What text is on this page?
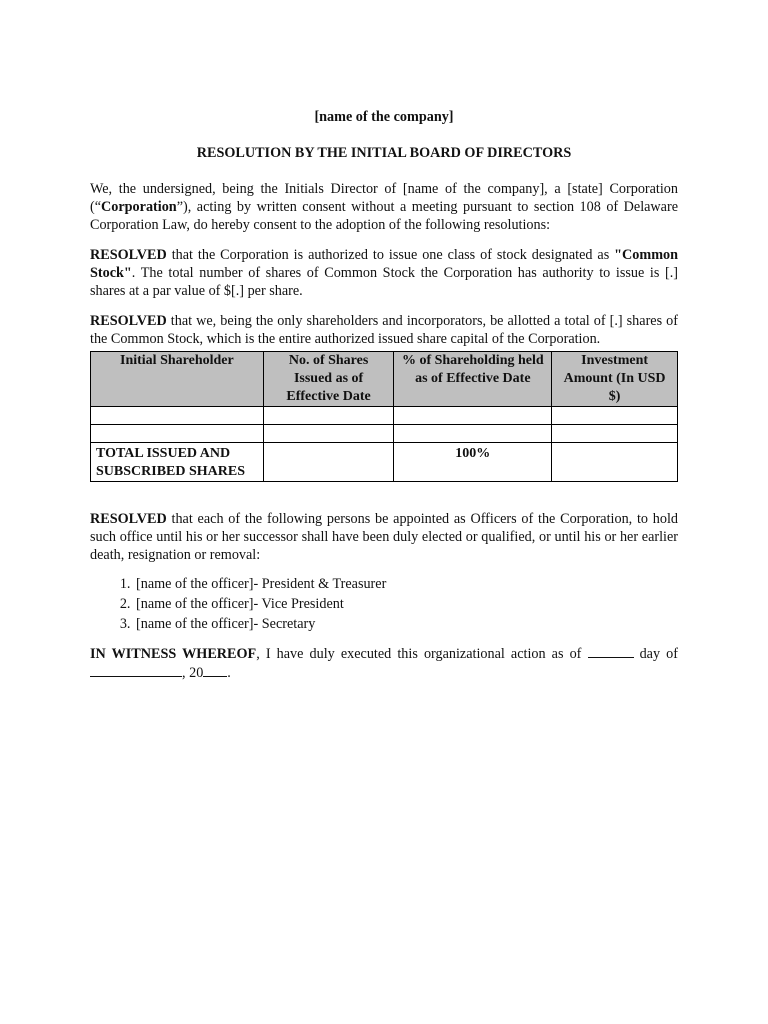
[name of the company]
RESOLUTION BY THE INITIAL BOARD OF DIRECTORS

We, the undersigned, being the Initials Director of [name of the company], a [state] Corporation (“Corporation”), acting by written consent without a meeting pursuant to section 108 of Delaware Corporation Law, do hereby consent to the adoption of the following resolutions:

RESOLVED that the Corporation is authorized to issue one class of stock designated as "Common Stock". The total number of shares of Common Stock the Corporation has authority to issue is [.] shares at a par value of $[.] per share.

RESOLVED that we, being the only shareholders and incorporators, be allotted a total of [.] shares of the Common Stock, which is the entire authorized issued share capital of the Corporation.

Initial Shareholder	No. of Shares Issued as of Effective Date	% of Shareholding held as of Effective Date	Investment Amount (In USD $)

TOTAL ISSUED AND SUBSCRIBED SHARES		100%	

RESOLVED that each of the following persons be appointed as Officers of the Corporation, to hold such office until his or her successor shall have been duly elected or qualified, or until his or her earlier death, resignation or removal:

1. [name of the officer]- President & Treasurer
2. [name of the officer]- Vice President
3. [name of the officer]- Secretary

IN WITNESS WHEREOF, I have duly executed this organizational action as of	day of , 20 .
